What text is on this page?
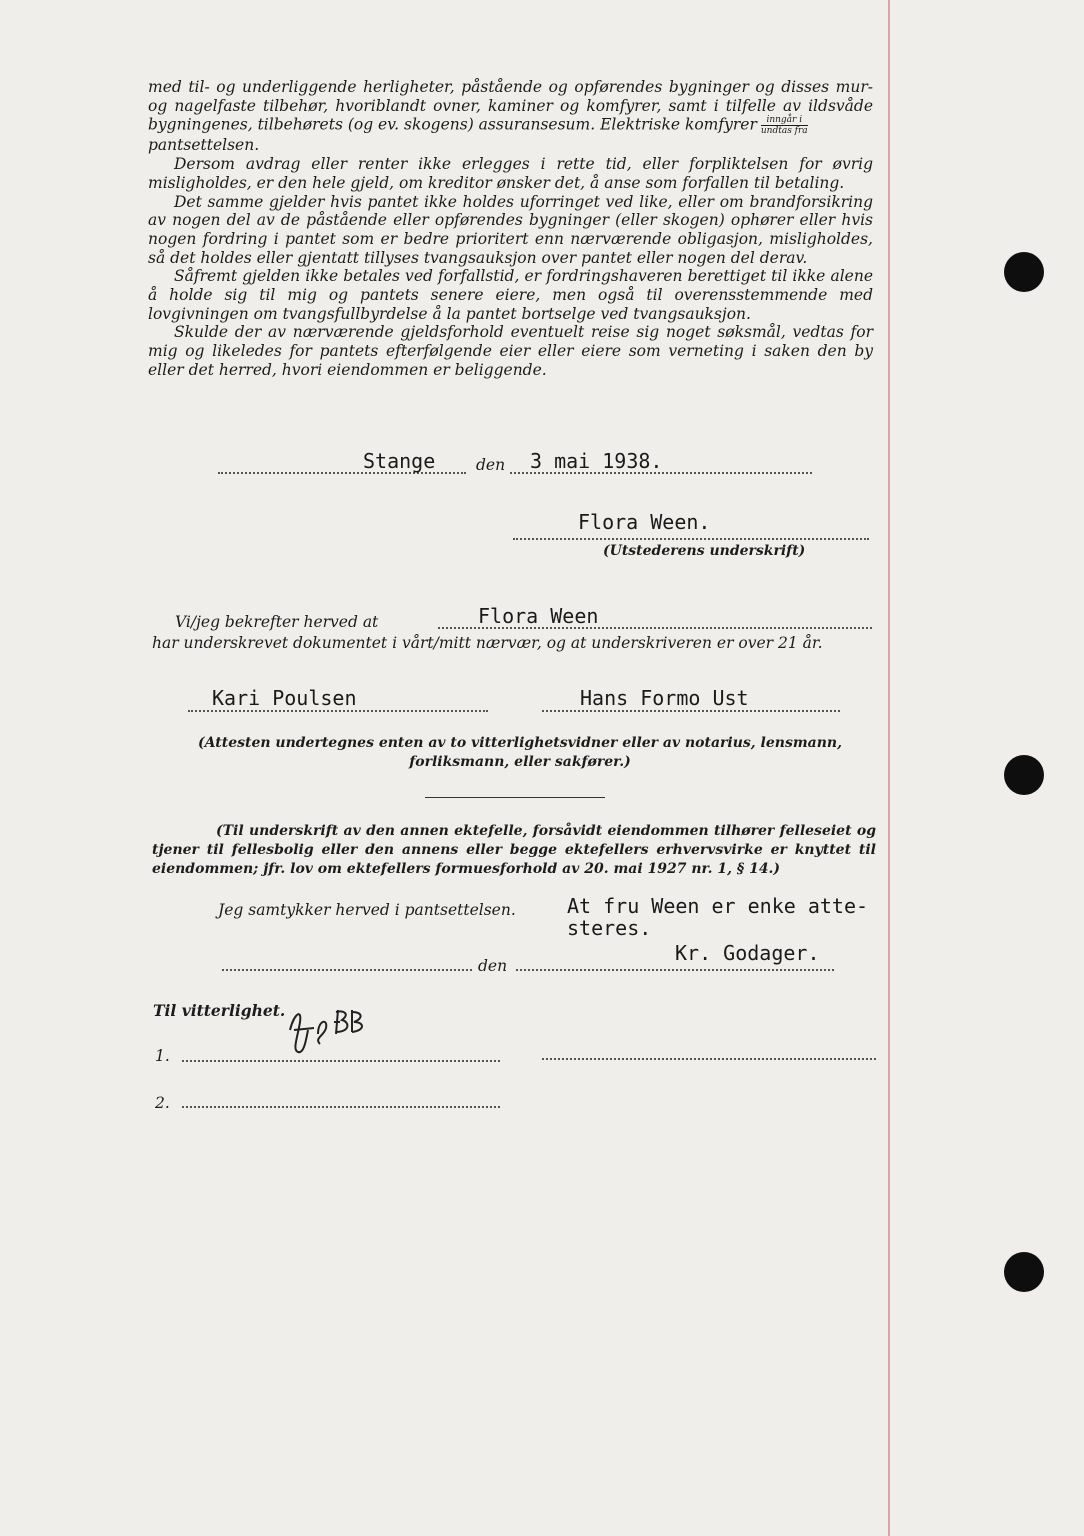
med til- og underliggende herligheter, påstående og opførendes bygninger og disses mur- og nagelfaste tilbehør, hvoriblandt ovner, kaminer og komfyrer, samt i tilfelle av ildsvåde bygningenes, tilbehørets (og ev. skogens) assuransesum. Elektriske komfyrer $\frac{\text{inngår i}}{\text{undtas fra}}$

pantsettelsen.

Dersom avdrag eller renter ikke erlegges i rette tid, eller forpliktelsen for øvrig misligholdes, er den hele gjeld, om kreditor ønsker det, å anse som forfallen til betaling.

Det samme gjelder hvis pantet ikke holdes uforringet ved like, eller om brandforsikring av nogen del av de påstående eller opførendes bygninger (eller skogen) ophører eller hvis nogen fordring i pantet som er bedre prioritert enn nærværende obligasjon, misligholdes, så det holdes eller gjentatt tillyses tvangsauksjon over pantet eller nogen del derav.

Såfremt gjelden ikke betales ved forfallstid, er fordringshaveren berettiget til ikke alene å holde sig til mig og pantets senere eiere, men også til overensstemmende med lovgivningen om tvangsfullbyrdelse å la pantet bortselge ved tvangsauksjon.

Skulde der av nærværende gjeldsforhold eventuelt reise sig noget søksmål, vedtas for mig og likeledes for pantets efterfølgende eier eller eiere som verneting i saken den by eller det herred, hvori eiendommen er beliggende.

Stange	den 3 mai 1938.
Flora Ween.
(Utstederens underskrift)
Vi/jeg bekrefter herved at	Flora Ween
har underskrevet dokumentet i vårt/mitt nærvær, og at underskriveren er over 21 år.
Kari Poulsen	Hans Formo Ust
(Attesten undertegnes enten av to vitterlighetsvidner eller av notarius, lensmann, forliksmann, eller sakfører.)
(Til underskrift av den annen ektefelle, forsåvidt eiendommen tilhører felleseiet og tjener til fellesbolig eller den annens eller begge ektefellers erhvervsvirke er knyttet til eiendommen; jfr. lov om ektefellers formuesforhold av 20. mai 1927 nr. 1, § 14.)
Jeg samtykker herved i pantsettelsen.	At fru Ween er enke atte-
steres.
den
Kr. Godager.
Til vitterlighet.
1.
2.
